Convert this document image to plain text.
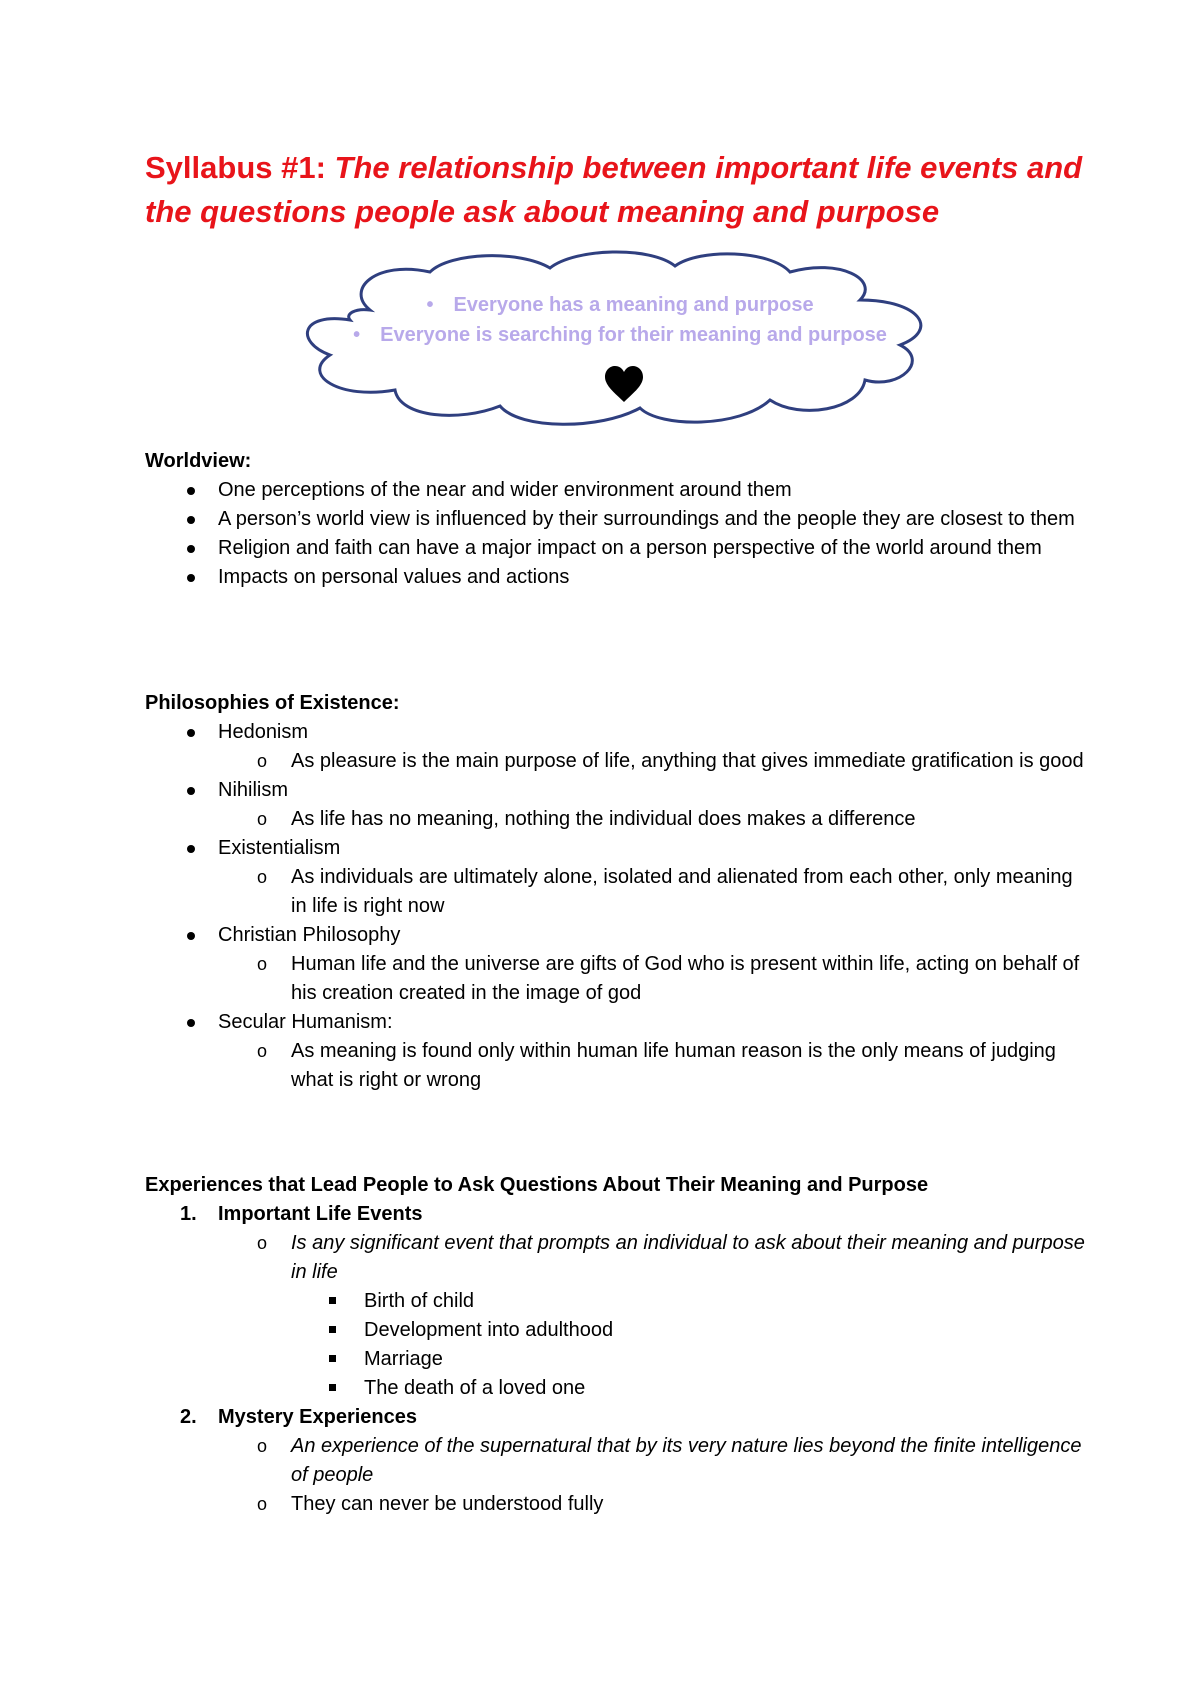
Syllabus #1: The relationship between important life events and the questions people ask about meaning and purpose
• Everyone has a meaning and purpose
• Everyone is searching for their meaning and purpose
Worldview:
One perceptions of the near and wider environment around them
A person’s world view is influenced by their surroundings and the people they are closest to them
Religion and faith can have a major impact on a person perspective of the world around them
Impacts on personal values and actions
Philosophies of Existence:
Hedonism
o As pleasure is the main purpose of life, anything that gives immediate gratification is good
Nihilism
o As life has no meaning, nothing the individual does makes a difference
Existentialism
o As individuals are ultimately alone, isolated and alienated from each other, only meaning in life is right now
Christian Philosophy
o Human life and the universe are gifts of God who is present within life, acting on behalf of his creation created in the image of god
Secular Humanism:
o As meaning is found only within human life human reason is the only means of judging what is right or wrong
Experiences that Lead People to Ask Questions About Their Meaning and Purpose
1. Important Life Events
o Is any significant event that prompts an individual to ask about their meaning and purpose in life
Birth of child
Development into adulthood
Marriage
The death of a loved one
2. Mystery Experiences
o An experience of the supernatural that by its very nature lies beyond the finite intelligence of people
o They can never be understood fully
